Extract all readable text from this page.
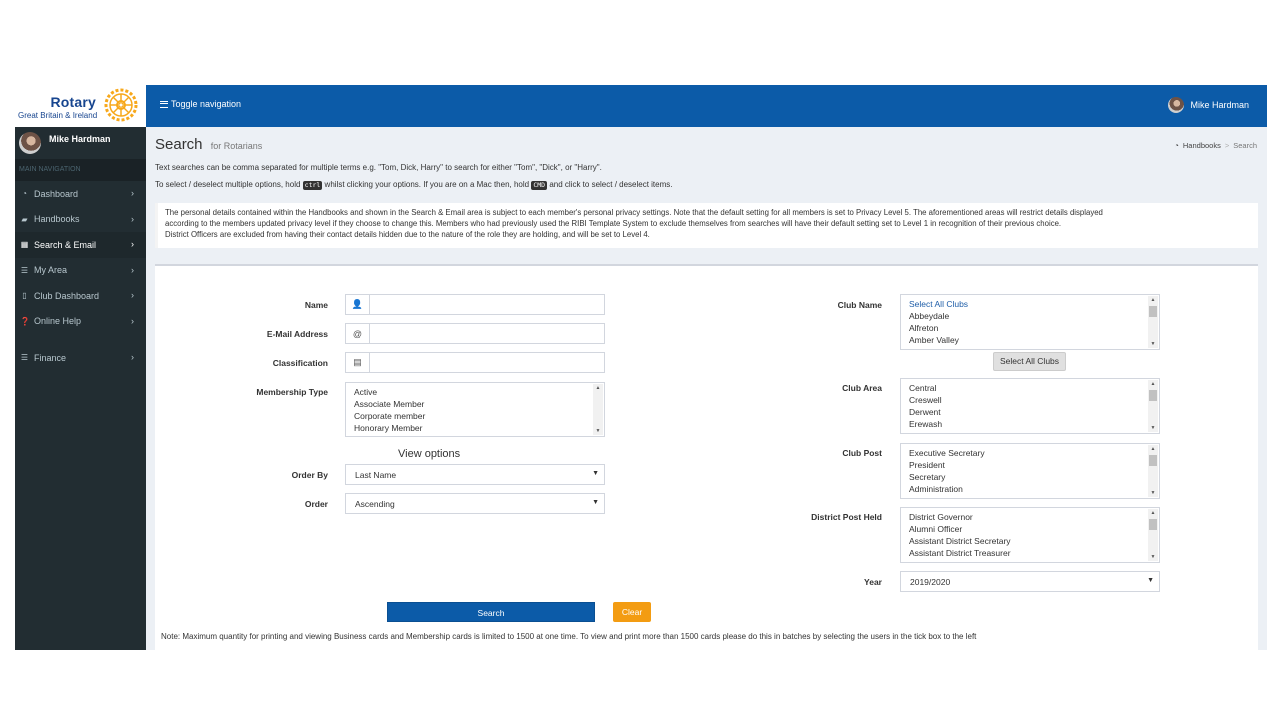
Rotary
Great Britain & Ireland
Toggle navigation	Mike Hardman
Mike Hardman
MAIN NAVIGATION
◔ Dashboard	›
▰ Handbooks	›
▦ Search & Email	›
☰ My Area	›
▯ Club Dashboard	›
❓ Online Help	›
☰ Finance	›
Search for Rotarians	◔ Handbooks > Search
Text searches can be comma separated for multiple terms e.g. "Tom, Dick, Harry" to search for either "Tom", "Dick", or "Harry".
To select / deselect multiple options, hold ctrl whilst clicking your options. If you are on a Mac then, hold CMD and click to select / deselect items.
The personal details contained within the Handbooks and shown in the Search & Email area is subject to each member's personal privacy settings. Note that the default setting for all members is set to Privacy Level 5. The aforementioned areas will restrict details displayed
according to the members updated privacy level if they choose to change this. Members who had previously used the RIBI Template System to exclude themselves from searches will have their default setting set to Level 1 in recognition of their previous choice.
District Officers are excluded from having their contact details hidden due to the nature of the role they are holding, and will be set to Level 4.
Name	👤
E-Mail Address	@
Classification	▤
Membership Type	Active
Associate Member
Corporate member
Honorary Member
▲
▼
View options
Order By	Last Name	▼
Order	Ascending	▼
Club Name	Select All Clubs
Abbeydale
Alfreton
Amber Valley
▲
▼
Select All Clubs
Club Area	Central
Creswell
Derwent
Erewash
▲
▼
Club Post	Executive Secretary
President
Secretary
Administration
▲
▼
District Post Held	District Governor
Alumni Officer
Assistant District Secretary
Assistant District Treasurer
▲
▼
Year	2019/2020	▼
Search	Clear
Note: Maximum quantity for printing and viewing Business cards and Membership cards is limited to 1500 at one time. To view and print more than 1500 cards please do this in batches by selecting the users in the tick box to the left
